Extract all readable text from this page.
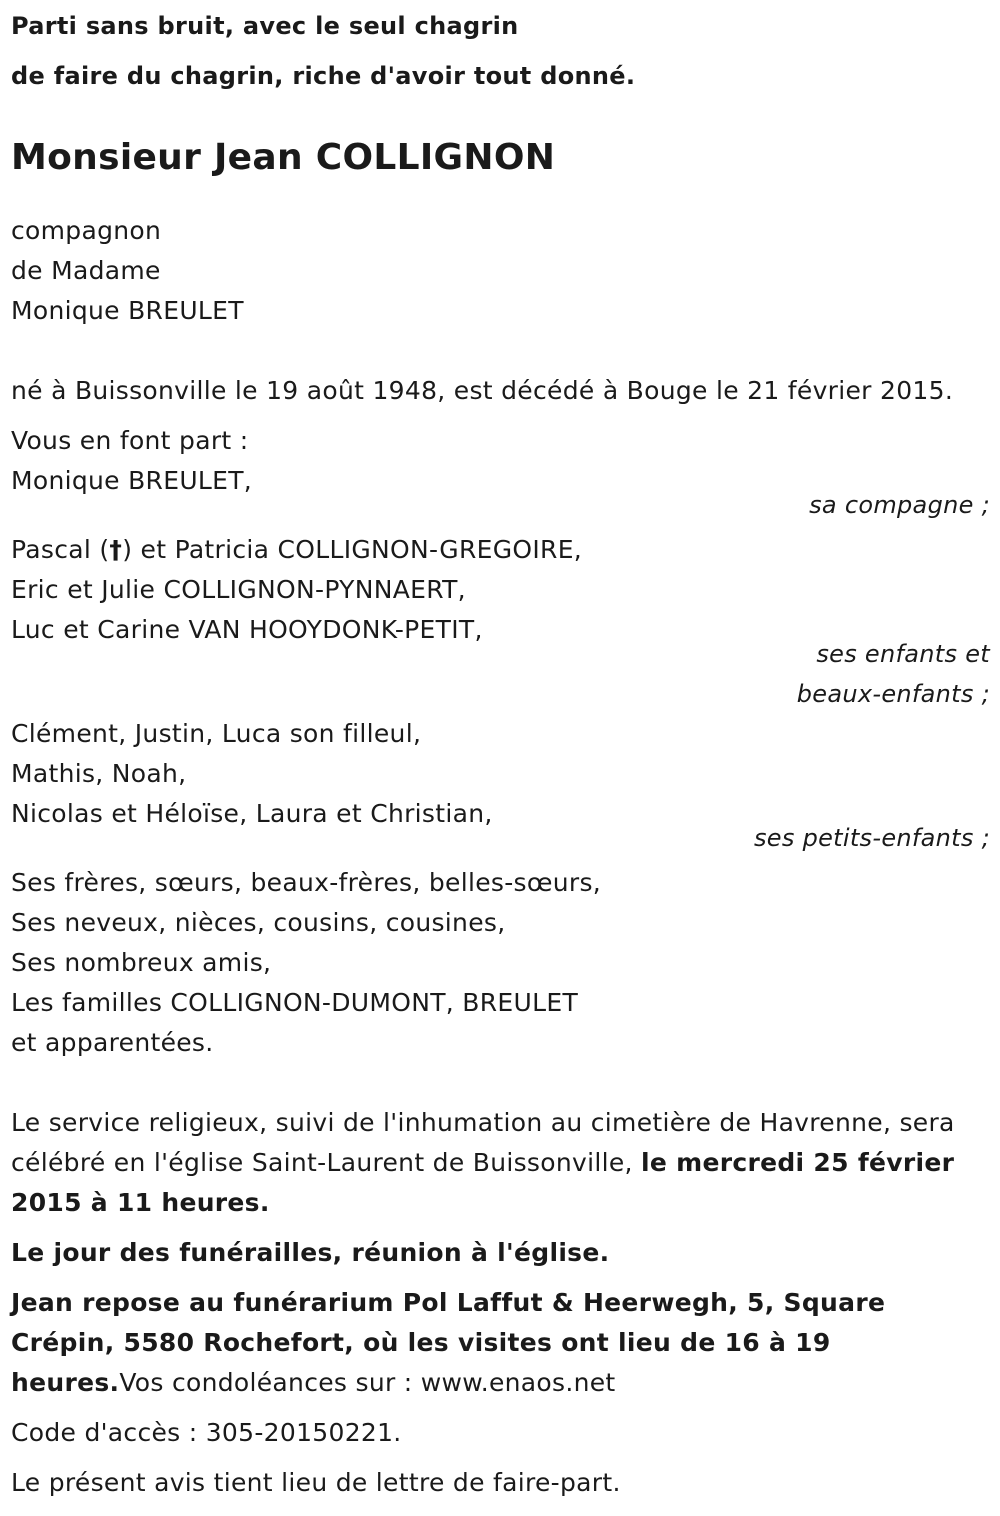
Parti sans bruit, avec le seul chagrin
de faire du chagrin, riche d'avoir tout donné.
Monsieur Jean COLLIGNON
compagnon
de Madame
Monique BREULET
né à Buissonville le 19 août 1948, est décédé à Bouge le 21 février 2015.
Vous en font part :
Monique BREULET,
sa compagne ;
Pascal (†) et Patricia COLLIGNON-GREGOIRE,
Eric et Julie COLLIGNON-PYNNAERT,
Luc et Carine VAN HOOYDONK-PETIT,
ses enfants et
beaux-enfants ;
Clément, Justin, Luca son filleul,
Mathis, Noah,
Nicolas et Héloïse, Laura et Christian,
ses petits-enfants ;
Ses frères, sœurs, beaux-frères, belles-sœurs,
Ses neveux, nièces, cousins, cousines,
Ses nombreux amis,
Les familles COLLIGNON-DUMONT, BREULET
et apparentées.
Le service religieux, suivi de l'inhumation au cimetière de Havrenne, sera célébré en l'église Saint-Laurent de Buissonville, le mercredi 25 février 2015 à 11 heures.
Le jour des funérailles, réunion à l'église.
Jean repose au funérarium Pol Laffut & Heerwegh, 5, Square Crépin, 5580 Rochefort, où les visites ont lieu de 16 à 19 heures.Vos condoléances sur : www.enaos.net
Code d'accès : 305-20150221.
Le présent avis tient lieu de lettre de faire-part.
